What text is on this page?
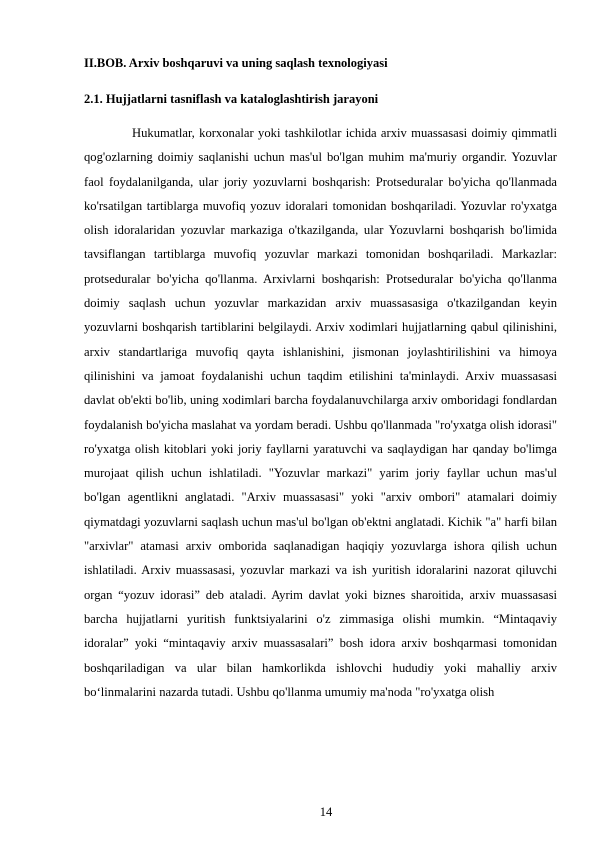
II.BOB. Arxiv boshqaruvi va uning saqlash texnologiyasi
2.1. Hujjatlarni tasniflash va kataloglashtirish jarayoni

Hukumatlar, korxonalar yoki tashkilotlar ichida arxiv muassasasi doimiy qimmatli qog'ozlarning doimiy saqlanishi uchun mas'ul bo'lgan muhim ma'muriy organdir. Yozuvlar faol foydalanilganda, ular joriy yozuvlarni boshqarish: Protseduralar bo'yicha qo'llanmada ko'rsatilgan tartiblarga muvofiq yozuv idoralari tomonidan boshqariladi. Yozuvlar ro'yxatga olish idoralaridan yozuvlar markaziga o'tkazilganda, ular Yozuvlarni boshqarish bo'limida tavsiflangan tartiblarga muvofiq yozuvlar markazi tomonidan boshqariladi. Markazlar: protseduralar bo'yicha qo'llanma. Arxivlarni boshqarish: Protseduralar bo'yicha qo'llanma doimiy saqlash uchun yozuvlar markazidan arxiv muassasasiga o'tkazilgandan keyin yozuvlarni boshqarish tartiblarini belgilaydi. Arxiv xodimlari hujjatlarning qabul qilinishini, arxiv standartlariga muvofiq qayta ishlanishini, jismonan joylashtirilishini va himoya qilinishini va jamoat foydalanishi uchun taqdim etilishini ta'minlaydi. Arxiv muassasasi davlat ob'ekti bo'lib, uning xodimlari barcha foydalanuvchilarga arxiv omboridagi fondlardan foydalanish bo'yicha maslahat va yordam beradi. Ushbu qo'llanmada "ro'yxatga olish idorasi" ro'yxatga olish kitoblari yoki joriy fayllarni yaratuvchi va saqlaydigan har qanday bo'limga murojaat qilish uchun ishlatiladi. "Yozuvlar markazi" yarim joriy fayllar uchun mas'ul bo'lgan agentlikni anglatadi. "Arxiv muassasasi" yoki "arxiv ombori" atamalari doimiy qiymatdagi yozuvlarni saqlash uchun mas'ul bo'lgan ob'ektni anglatadi. Kichik "a" harfi bilan "arxivlar" atamasi arxiv omborida saqlanadigan haqiqiy yozuvlarga ishora qilish uchun ishlatiladi. Arxiv muassasasi, yozuvlar markazi va ish yuritish idoralarini nazorat qiluvchi organ “yozuv idorasi” deb ataladi. Ayrim davlat yoki biznes sharoitida, arxiv muassasasi barcha hujjatlarni yuritish funktsiyalarini o'z zimmasiga olishi mumkin. “Mintaqaviy idoralar” yoki “mintaqaviy arxiv muassasalari” bosh idora arxiv boshqarmasi tomonidan boshqariladigan va ular bilan hamkorlikda ishlovchi hududiy yoki mahalliy arxiv bo‘linmalarini nazarda tutadi. Ushbu qo'llanma umumiy ma'noda "ro'yxatga olish

14
